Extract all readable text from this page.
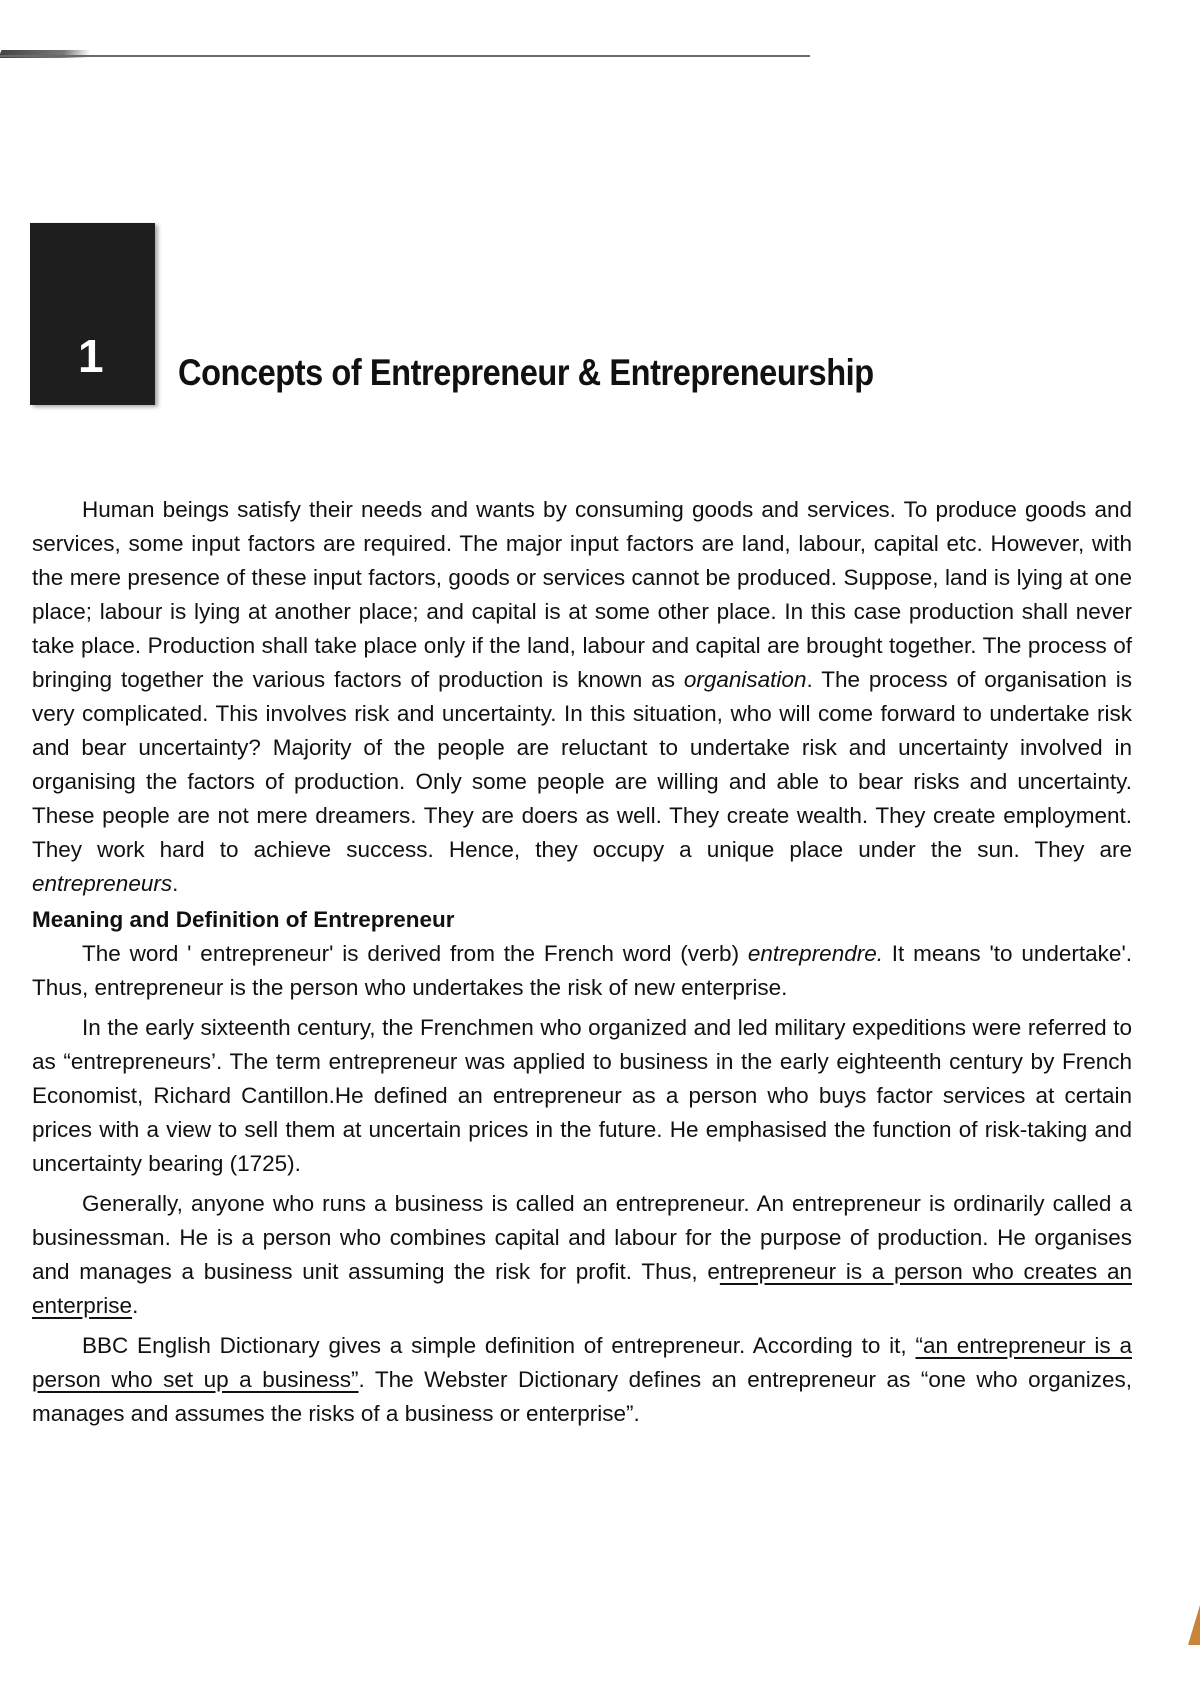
1 Concepts of Entrepreneur & Entrepreneurship

Human beings satisfy their needs and wants by consuming goods and services. To produce goods and services, some input factors are required. The major input factors are land, labour, capital etc. However, with the mere presence of these input factors, goods or services cannot be produced. Suppose, land is lying at one place; labour is lying at another place; and capital is at some other place. In this case production shall never take place. Production shall take place only if the land, labour and capital are brought together. The process of bringing together the various factors of production is known as organisation. The process of organisation is very complicated. This involves risk and uncertainty. In this situation, who will come forward to undertake risk and bear uncertainty? Majority of the people are reluctant to undertake risk and uncertainty involved in organising the factors of production. Only some people are willing and able to bear risks and uncertainty. These people are not mere dreamers. They are doers as well. They create wealth. They create employment. They work hard to achieve success. Hence, they occupy a unique place under the sun. They are entrepreneurs.

Meaning and Definition of Entrepreneur

The word ' entrepreneur' is derived from the French word (verb) entreprendre. It means 'to undertake'. Thus, entrepreneur is the person who undertakes the risk of new enterprise.

In the early sixteenth century, the Frenchmen who organized and led military expeditions were referred to as “entrepreneurs’. The term entrepreneur was applied to business in the early eighteenth century by French Economist, Richard Cantillon.He defined an entrepreneur as a person who buys factor services at certain prices with a view to sell them at uncertain prices in the future. He emphasised the function of risk-taking and uncertainty bearing (1725).

Generally, anyone who runs a business is called an entrepreneur. An entrepreneur is ordinarily called a businessman. He is a person who combines capital and labour for the purpose of production. He organises and manages a business unit assuming the risk for profit. Thus, entrepreneur is a person who creates an enterprise.

BBC English Dictionary gives a simple definition of entrepreneur. According to it, “an entrepreneur is a person who set up a business”. The Webster Dictionary defines an entrepreneur as “one who organizes, manages and assumes the risks of a business or enterprise”.
